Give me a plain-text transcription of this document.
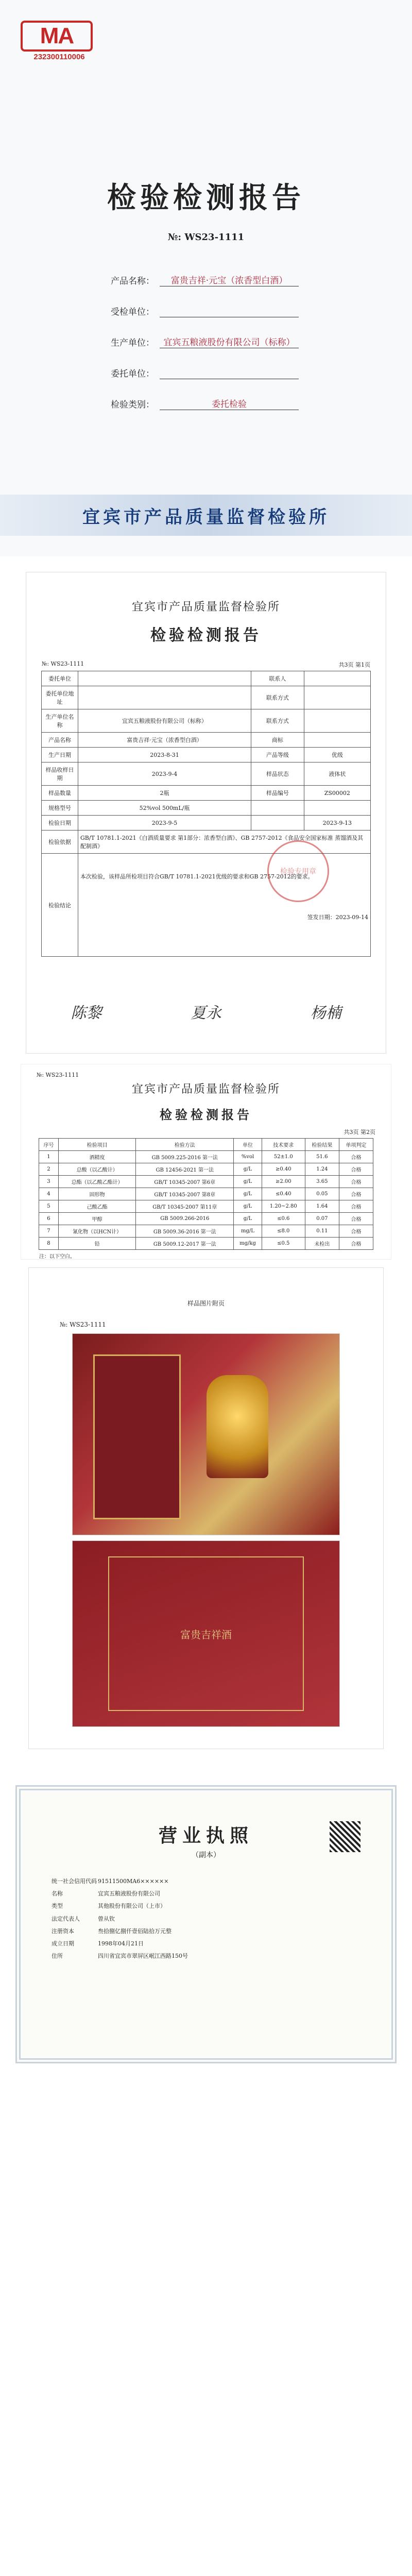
MA
232300110006
检验检测报告
№: WS23-1111
产品名称：	富贵吉祥·元宝（浓香型白酒）
受检单位：
生产单位：	宜宾五粮液股份有限公司（标称）
委托单位：
检验类别：	委托检验
宜宾市产品质量监督检验所
宜宾市产品质量监督检验所
检验检测报告
№: WS23-1111	共3页 第1页
委托单位		联系人	
委托单位地址		联系方式	
生产单位名称	宜宾五粮液股份有限公司（标称）	联系方式	
产品名称	富贵吉祥·元宝（浓香型白酒）	商标	
生产日期	2023-8-31	产品等级	优级
样品收样日期	2023-9-4	样品状态	液体状
样品数量	2瓶	样品编号	ZS00002
规格型号	52%vol 500mL/瓶		
检验日期	2023-9-5		2023-9-13
检验依据	GB/T 10781.1-2021《白酒质量要求 第1部分：浓香型白酒》、GB 2757-2012《食品安全国家标准 蒸馏酒及其配制酒》		
检验结论	本次检验，该样品所检项目符合GB/T 10781.1-2021优级的要求和GB 2757-2012的要求。
签发日期：2023-09-14		
检验专用章
陈黎	夏永	杨楠
№: WS23-1111
宜宾市产品质量监督检验所
检验检测报告
共3页 第2页
序号	检验项目	检验方法	单位	技术要求	检验结果	单项判定
1	酒精度	GB 5009.225-2016 第一法	%vol	52±1.0	51.6	合格
2	总酸（以乙酸计）	GB 12456-2021 第一法	g/L	≥0.40	1.24	合格
3	总酯（以乙酸乙酯计）	GB/T 10345-2007 第6章	g/L	≥2.00	3.65	合格
4	固形物	GB/T 10345-2007 第8章	g/L	≤0.40	0.05	合格
5	己酸乙酯	GB/T 10345-2007 第11章	g/L	1.20~2.80	1.64	合格
6	甲醇	GB 5009.266-2016	g/L	≤0.6	0.07	合格
7	氰化物（以HCN计）	GB 5009.36-2016 第一法	mg/L	≤8.0	0.11	合格
8	铅	GB 5009.12-2017 第一法	mg/kg	≤0.5	未检出	合格
注：以下空白。
样品图片附页
№: WS23-1111
富贵吉祥酒
营业执照
（副本）
统一社会信用代码 91511500MA6××××××
名称	宜宾五粮液股份有限公司
类型	其他股份有限公司（上市）
法定代表人	曾从钦
注册资本	叁拾捌亿捌仟壹佰陆拾万元整
成立日期	1998年04月21日
住所	四川省宜宾市翠屏区岷江西路150号
